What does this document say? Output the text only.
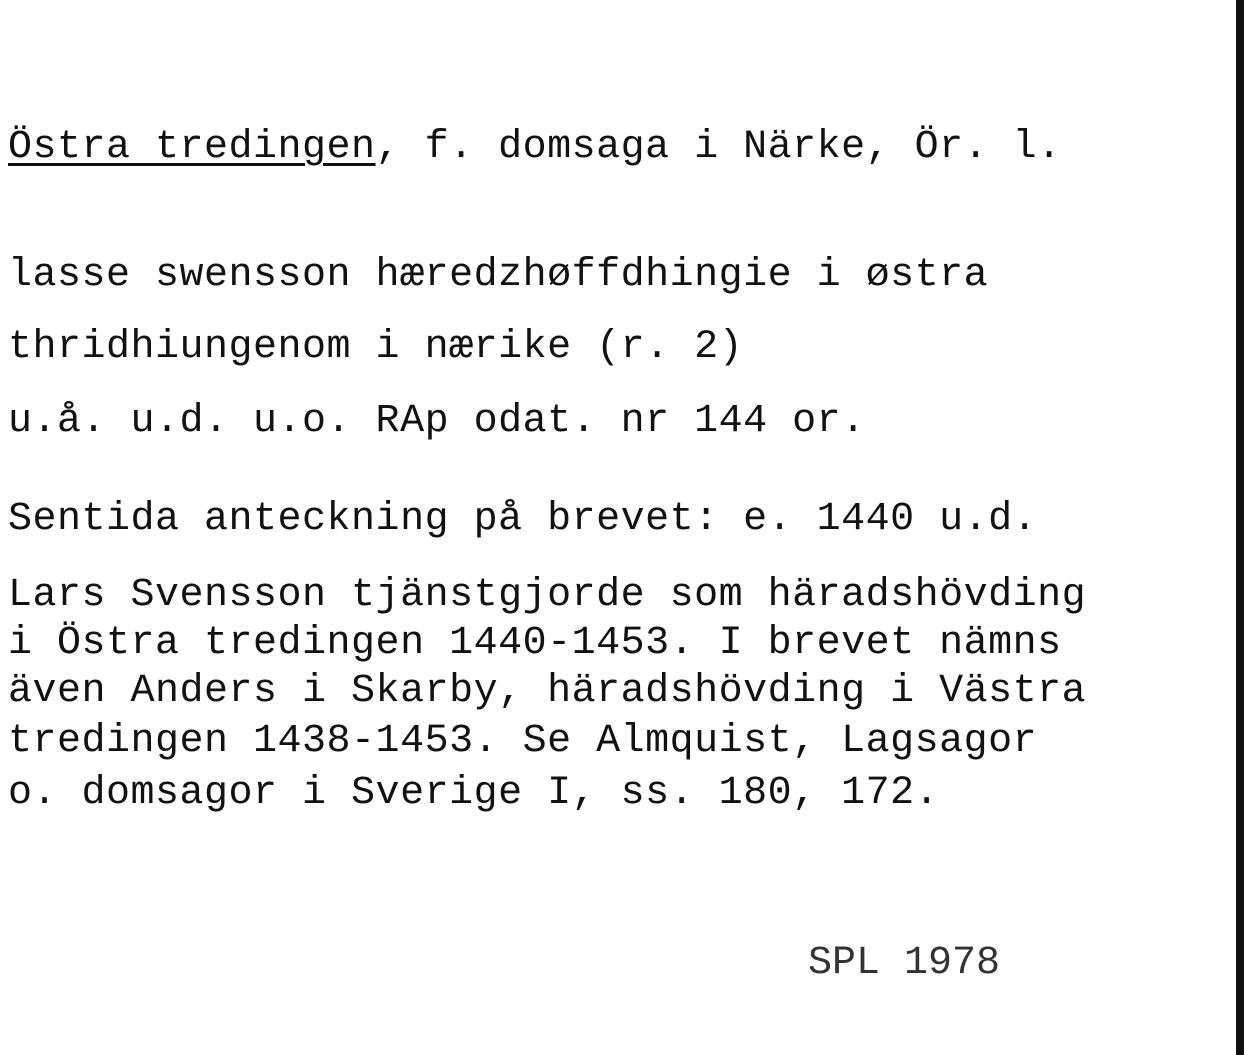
Östra tredingen, f. domsaga i Närke, Ör. l.
lasse swensson hæredzhøffdhingie i østra
thridhiungenom i nærike (r. 2)
u.å. u.d. u.o. RAp odat. nr 144 or.
Sentida anteckning på brevet: e. 1440 u.d.
Lars Svensson tjänstgjorde som häradshövding
i Östra tredingen 1440-1453. I brevet nämns
även Anders i Skarby, häradshövding i Västra
tredingen 1438-1453. Se Almquist, Lagsagor
o. domsagor i Sverige I, ss. 180, 172.
SPL 1978
